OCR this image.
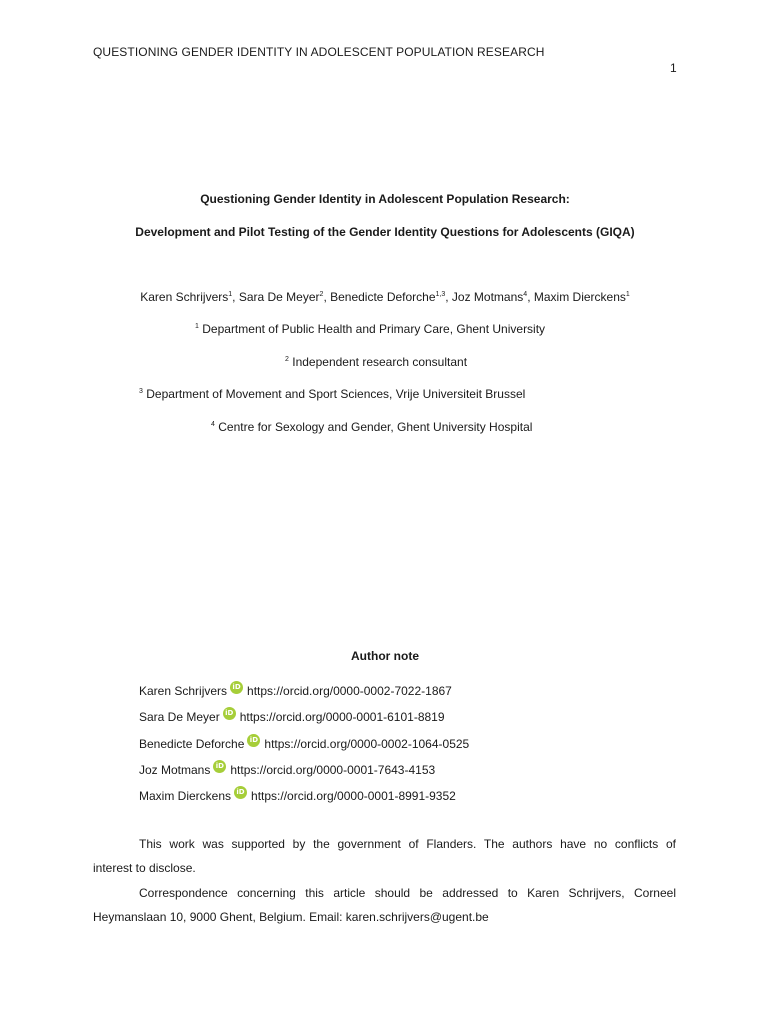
QUESTIONING GENDER IDENTITY IN ADOLESCENT POPULATION RESEARCH
1
Questioning Gender Identity in Adolescent Population Research:
Development and Pilot Testing of the Gender Identity Questions for Adolescents (GIQA)
Karen Schrijvers$^1$, Sara De Meyer$^2$, Benedicte Deforche$^{1,3}$, Joz Motmans$^4$, Maxim Dierckens$^1$
$^1$ Department of Public Health and Primary Care, Ghent University
$^2$ Independent research consultant
$^3$ Department of Movement and Sport Sciences, Vrije Universiteit Brussel
$^4$ Centre for Sexology and Gender, Ghent University Hospital
Author note
Karen Schrijvers iD https://orcid.org/0000-0002-7022-1867
Sara De Meyer iD https://orcid.org/0000-0001-6101-8819
Benedicte Deforche iD https://orcid.org/0000-0002-1064-0525
Joz Motmans iD https://orcid.org/0000-0001-7643-4153
Maxim Dierckens iD https://orcid.org/0000-0001-8991-9352
This work was supported by the government of Flanders. The authors have no conflicts of
interest to disclose.
Correspondence concerning this article should be addressed to Karen Schrijvers, Corneel
Heymanslaan 10, 9000 Ghent, Belgium. Email: karen.schrijvers@ugent.be
